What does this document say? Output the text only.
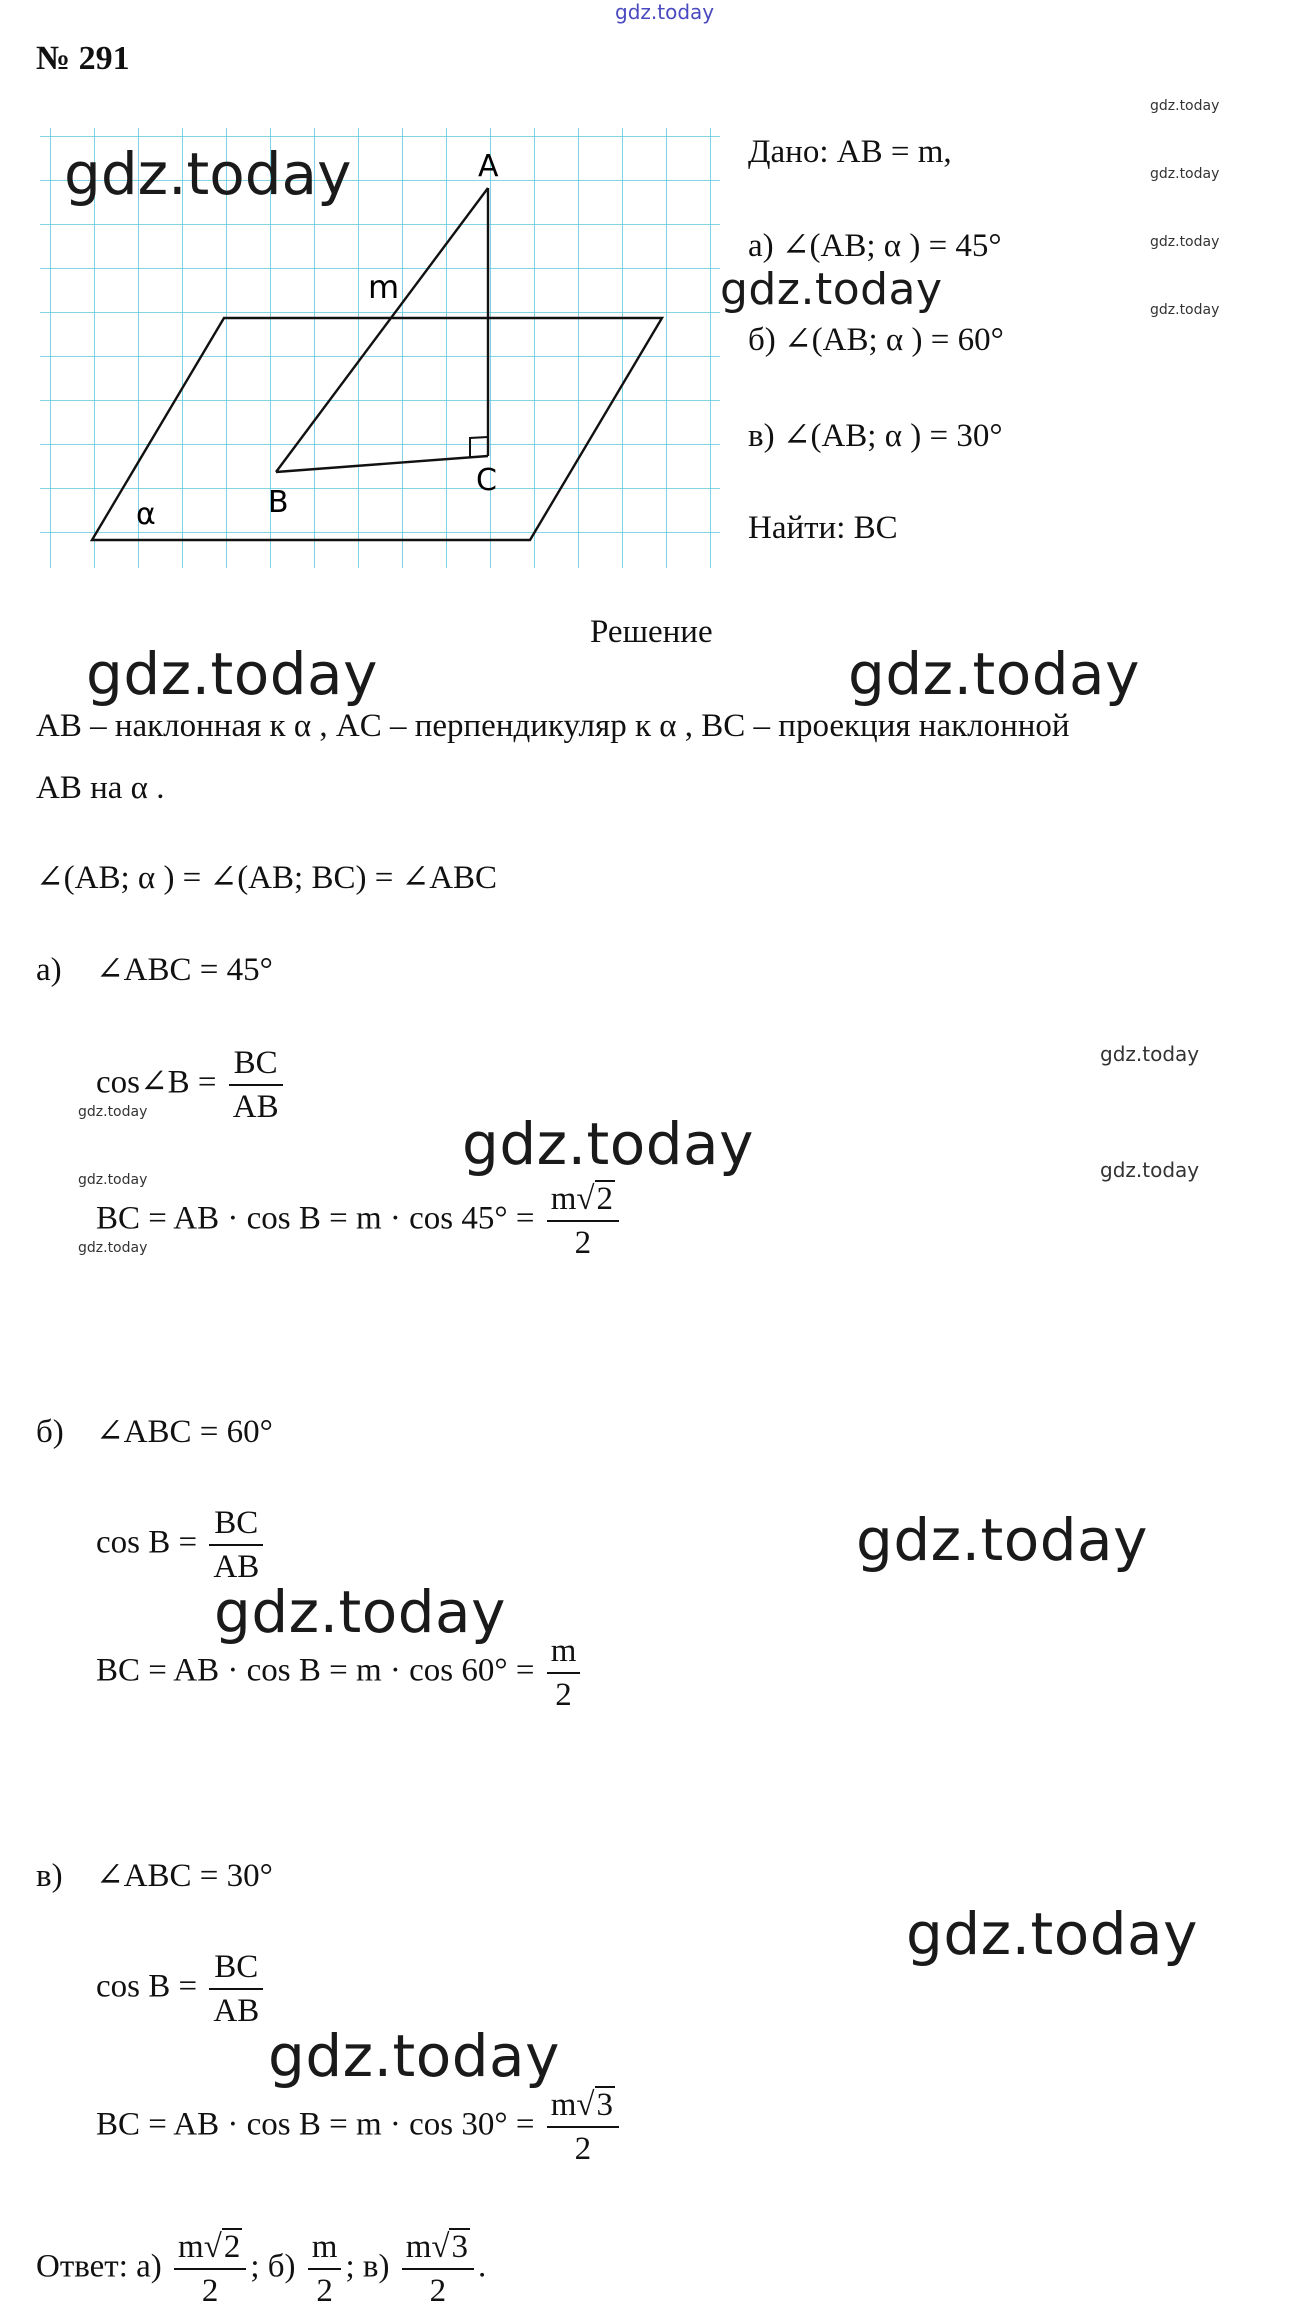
gdz.today
№ 291
A
m
B
C
α
gdz.today	Дано: AB = m,
а) ∠(AB; α ) = 45°
gdz.today
б) ∠(AB; α ) = 60°
в) ∠(AB; α ) = 30°
Найти: BC
gdz.today
gdz.today
gdz.today
gdz.today
Решение
gdz.today	gdz.today
AB – наклонная к α , AC – перпендикуляр к α , BC – проекция наклонной
AB на α .
∠(AB; α ) = ∠(AB; BC) = ∠ABC
а) ∠ABC = 45°
cos∠B = $\frac{BC}{AB}$
gdz.today
gdz.today
gdz.today	gdz.today
gdz.today
BC = AB · $\cos B = m \cdot \cos 45^\circ = \frac{m√2}{2}$
gdz.today
б) ∠ABC = 60°
$\cos B = \frac{BC}{AB}$	gdz.today
gdz.today
BC = AB · $\cos B = m \cdot \cos 60^\circ = \frac{m}{2}$
в) ∠ABC = 30°
gdz.today
$\cos B = \frac{BC}{AB}$
gdz.today
BC = AB · $\cos B = m \cdot \cos 30^\circ = \frac{m√3}{2}$
Ответ: $а) \frac{m√2}{2}$ ; $б) \frac{m}{2}$ ; $в) \frac{m√3}{2}$ .
